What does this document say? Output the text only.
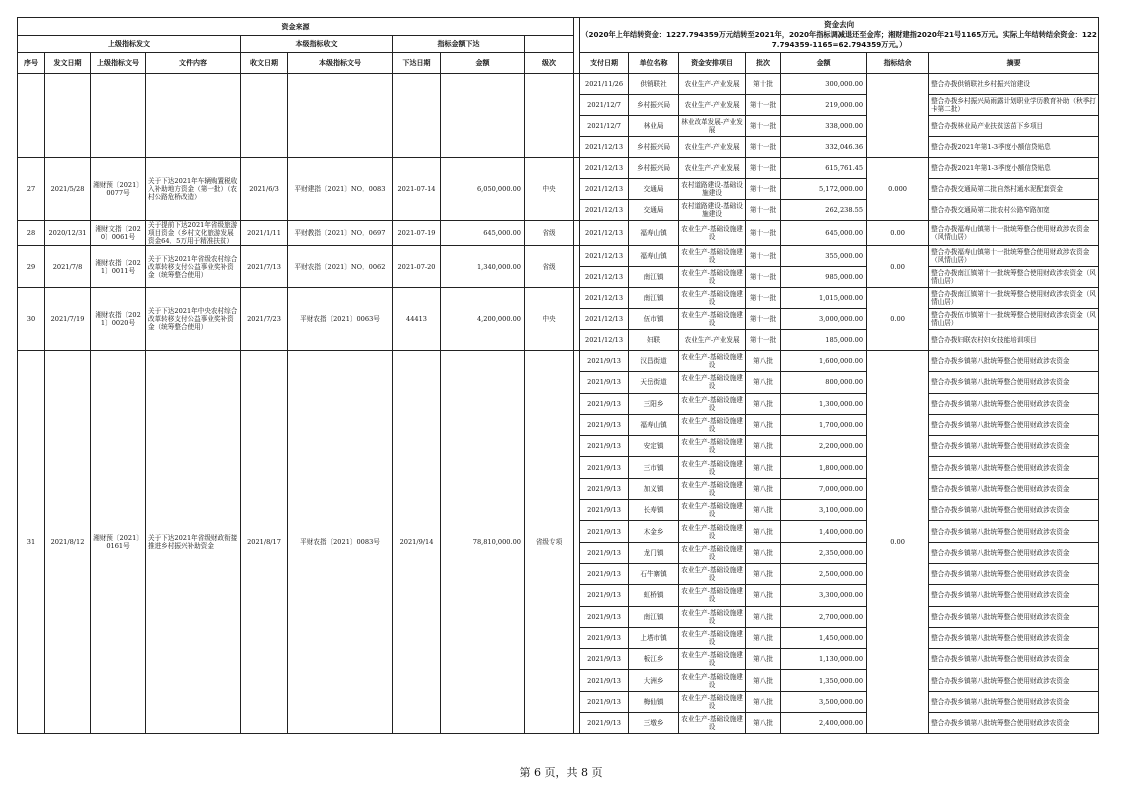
资金来源										资金去向
（2020年上年结转资金：1227.794359万元结转至2021年，2020年指标调减退还至金库；湘财建指2020年21号1165万元。实际上年结转结余资金：1227.794359-1165=62.794359万元。）						

上级指标发文				本级指标收文		指标金额下达										
序号	发文日期	上级指标文号	文件内容	收文日期	本级指标文号	下达日期	金额	级次		支付日期	单位名称	资金安排项目	批次	金额	指标结余	摘要
										2021/11/26	供销联社	农业生产-产业发展	第十批	300,000.00		整合办拨供销联社乡村振兴馆建设
										2021/12/7	乡村振兴局	农业生产-产业发展	第十一批	219,000.00		整合办拨乡村振兴局雨露计划职业学历教育补助（秋季打卡第二批）
										2021/12/7	林业局	林业改革发展-产业发展	第十一批	338,000.00		整合办拨林业局产业扶贫送苗下乡项目
										2021/12/13	乡村振兴局	农业生产-产业发展	第十一批	332,046.36		整合办拨2021年第1-3季度小额信贷贴息
27	2021/5/28	湘财预〔2021〕0077号	关于下达2021年车辆购置税收入补助地方资金（第一批）（农村公路危桥改造）	2021/6/3	平财建指〔2021〕NO．0083	2021-07-14	6,050,000.00	中央		2021/12/13	乡村振兴局	农业生产-产业发展	第十一批	615,761.45	0.000	整合办拨2021年第1-3季度小额信贷贴息
										2021/12/13	交通局	农村道路建设-基础设施建设	第十一批	5,172,000.00		整合办拨交通局第二批自然村通水泥配套资金
										2021/12/13	交通局	农村道路建设-基础设施建设	第十一批	262,238.55		整合办拨交通局第二批农村公路窄路加宽
28	2020/12/31	湘财文指〔2020〕0061号	关于提前下达2021年省级旅游项目资金（乡村文化旅游发展资金64．5万用于精准扶贫）	2021/1/11	平财教指〔2021〕NO．0697	2021-07-19	645,000.00	省级		2021/12/13	福寿山镇	农业生产-基础设施建设	第十一批	645,000.00	0.00	整合办拨福寿山镇第十一批统筹整合使用财政涉农资金（风情山居）
29	2021/7/8	湘财农指〔2021〕0011号	关于下达2021年省级农村综合改革转移支付公益事业奖补资金（统筹整合使用）	2021/7/13	平财农指〔2021〕NO．0062	2021-07-20	1,340,000.00	省级		2021/12/13	福寿山镇	农业生产-基础设施建设	第十一批	355,000.00	0.00	整合办拨福寿山镇第十一批统筹整合使用财政涉农资金（风情山居）
										2021/12/13	南江镇	农业生产-基础设施建设	第十一批	985,000.00		整合办拨南江镇第十一批统筹整合使用财政涉农资金（风情山居）
30	2021/7/19	湘财农指〔2021〕0020号	关于下达2021年中央农村综合改革转移支付公益事业奖补资金（统筹整合使用）	2021/7/23	平财农指〔2021〕0063号	44413	4,200,000.00	中央		2021/12/13	南江镇	农业生产-基础设施建设	第十一批	1,015,000.00	0.00	整合办拨南江镇第十一批统筹整合使用财政涉农资金（风情山居）
										2021/12/13	伍市镇	农业生产-基础设施建设	第十一批	3,000,000.00		整合办拨伍市镇第十一批统筹整合使用财政涉农资金（风情山居）
										2021/12/13	妇联	农业生产-产业发展	第十一批	185,000.00		整合办拨妇联农村妇女技能培训项目
31	2021/8/12	湘财预〔2021〕0161号	关于下达2021年省级财政衔接推进乡村振兴补助资金	2021/8/17	平财农指〔2021〕0083号	2021/9/14	78,810,000.00	省级专项		2021/9/13	汉昌街道	农业生产-基础设施建设	第八批	1,600,000.00	0.00	整合办拨乡镇第八批统筹整合使用财政涉农资金
										2021/9/13	天岳街道	农业生产-基础设施建设	第八批	800,000.00		整合办拨乡镇第八批统筹整合使用财政涉农资金
										2021/9/13	三阳乡	农业生产-基础设施建设	第八批	1,300,000.00		整合办拨乡镇第八批统筹整合使用财政涉农资金
										2021/9/13	福寿山镇	农业生产-基础设施建设	第八批	1,700,000.00		整合办拨乡镇第八批统筹整合使用财政涉农资金
										2021/9/13	安定镇	农业生产-基础设施建设	第八批	2,200,000.00		整合办拨乡镇第八批统筹整合使用财政涉农资金
										2021/9/13	三市镇	农业生产-基础设施建设	第八批	1,800,000.00		整合办拨乡镇第八批统筹整合使用财政涉农资金
										2021/9/13	加义镇	农业生产-基础设施建设	第八批	7,000,000.00		整合办拨乡镇第八批统筹整合使用财政涉农资金
										2021/9/13	长寿镇	农业生产-基础设施建设	第八批	3,100,000.00		整合办拨乡镇第八批统筹整合使用财政涉农资金
										2021/9/13	木金乡	农业生产-基础设施建设	第八批	1,400,000.00		整合办拨乡镇第八批统筹整合使用财政涉农资金
										2021/9/13	龙门镇	农业生产-基础设施建设	第八批	2,350,000.00		整合办拨乡镇第八批统筹整合使用财政涉农资金
										2021/9/13	石牛寨镇	农业生产-基础设施建设	第八批	2,500,000.00		整合办拨乡镇第八批统筹整合使用财政涉农资金
										2021/9/13	虹桥镇	农业生产-基础设施建设	第八批	3,300,000.00		整合办拨乡镇第八批统筹整合使用财政涉农资金
										2021/9/13	南江镇	农业生产-基础设施建设	第八批	2,700,000.00		整合办拨乡镇第八批统筹整合使用财政涉农资金
										2021/9/13	上塔市镇	农业生产-基础设施建设	第八批	1,450,000.00		整合办拨乡镇第八批统筹整合使用财政涉农资金
										2021/9/13	板江乡	农业生产-基础设施建设	第八批	1,130,000.00		整合办拨乡镇第八批统筹整合使用财政涉农资金
										2021/9/13	大洲乡	农业生产-基础设施建设	第八批	1,350,000.00		整合办拨乡镇第八批统筹整合使用财政涉农资金
										2021/9/13	梅仙镇	农业生产-基础设施建设	第八批	3,500,000.00		整合办拨乡镇第八批统筹整合使用财政涉农资金
										2021/9/13	三墩乡	农业生产-基础设施建设	第八批	2,400,000.00		整合办拨乡镇第八批统筹整合使用财政涉农资金
第 6 页，共 8 页
